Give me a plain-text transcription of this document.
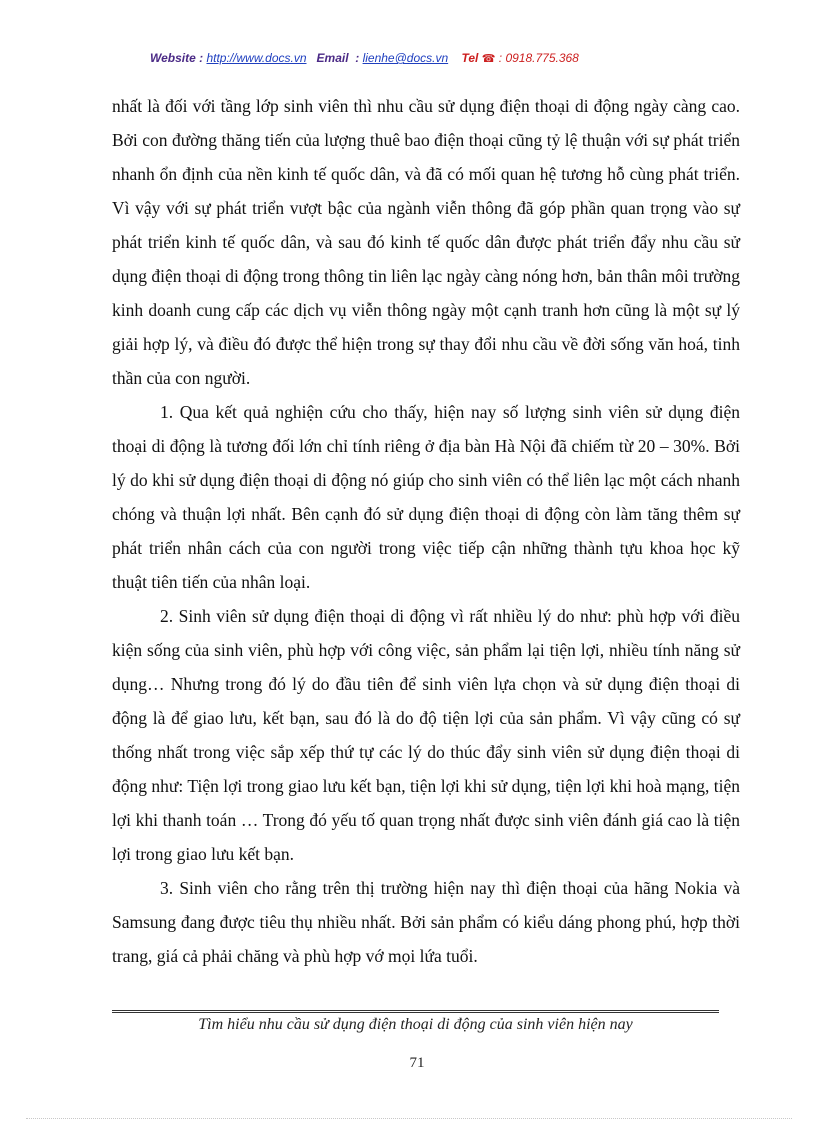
Website : http://www.docs.vn Email : lienhe@docs.vn Tel ☎ : 0918.775.368

nhất là đối với tầng lớp sinh viên thì nhu cầu sử dụng điện thoại di động ngày càng cao. Bởi con đường thăng tiến của lượng thuê bao điện thoại cũng tỷ lệ thuận với sự phát triển nhanh ổn định của nền kinh tế quốc dân, và đã có mối quan hệ tương hỗ cùng phát triển. Vì vậy với sự phát triển vượt bậc của ngành viễn thông đã góp phần quan trọng vào sự phát triển kinh tế quốc dân, và sau đó kinh tế quốc dân được phát triển đẩy nhu cầu sử dụng điện thoại di động trong thông tin liên lạc ngày càng nóng hơn, bản thân môi trường kinh doanh cung cấp các dịch vụ viễn thông ngày một cạnh tranh hơn cũng là một sự lý giải hợp lý, và điều đó được thể hiện trong sự thay đổi nhu cầu về đời sống văn hoá, tinh thần của con người.

1. Qua kết quả nghiện cứu cho thấy, hiện nay số lượng sinh viên sử dụng điện thoại di động là tương đối lớn chỉ tính riêng ở địa bàn Hà Nội đã chiếm từ 20 – 30%. Bởi lý do khi sử dụng điện thoại di động nó giúp cho sinh viên có thể liên lạc một cách nhanh chóng và thuận lợi nhất. Bên cạnh đó sử dụng điện thoại di động còn làm tăng thêm sự phát triển nhân cách của con người trong việc tiếp cận những thành tựu khoa học kỹ thuật tiên tiến của nhân loại.

2. Sinh viên sử dụng điện thoại di động vì rất nhiều lý do như: phù hợp với điều kiện sống của sinh viên, phù hợp với công việc, sản phẩm lại tiện lợi, nhiều tính năng sử dụng… Nhưng trong đó lý do đầu tiên để sinh viên lựa chọn và sử dụng điện thoại di động là để giao lưu, kết bạn, sau đó là do độ tiện lợi của sản phẩm. Vì vậy cũng có sự thống nhất trong việc sắp xếp thứ tự các lý do thúc đẩy sinh viên sử dụng điện thoại di động như: Tiện lợi trong giao lưu kết bạn, tiện lợi khi sử dụng, tiện lợi khi hoà mạng, tiện lợi khi thanh toán … Trong đó yếu tố quan trọng nhất được sinh viên đánh giá cao là tiện lợi trong giao lưu kết bạn.

3. Sinh viên cho rằng trên thị trường hiện nay thì điện thoại của hãng Nokia và Samsung đang được tiêu thụ nhiều nhất. Bởi sản phẩm có kiểu dáng phong phú, hợp thời trang, giá cả phải chăng và phù hợp vớ mọi lứa tuổi.

Tìm hiểu nhu cầu sử dụng điện thoại di động của sinh viên hiện nay
71
